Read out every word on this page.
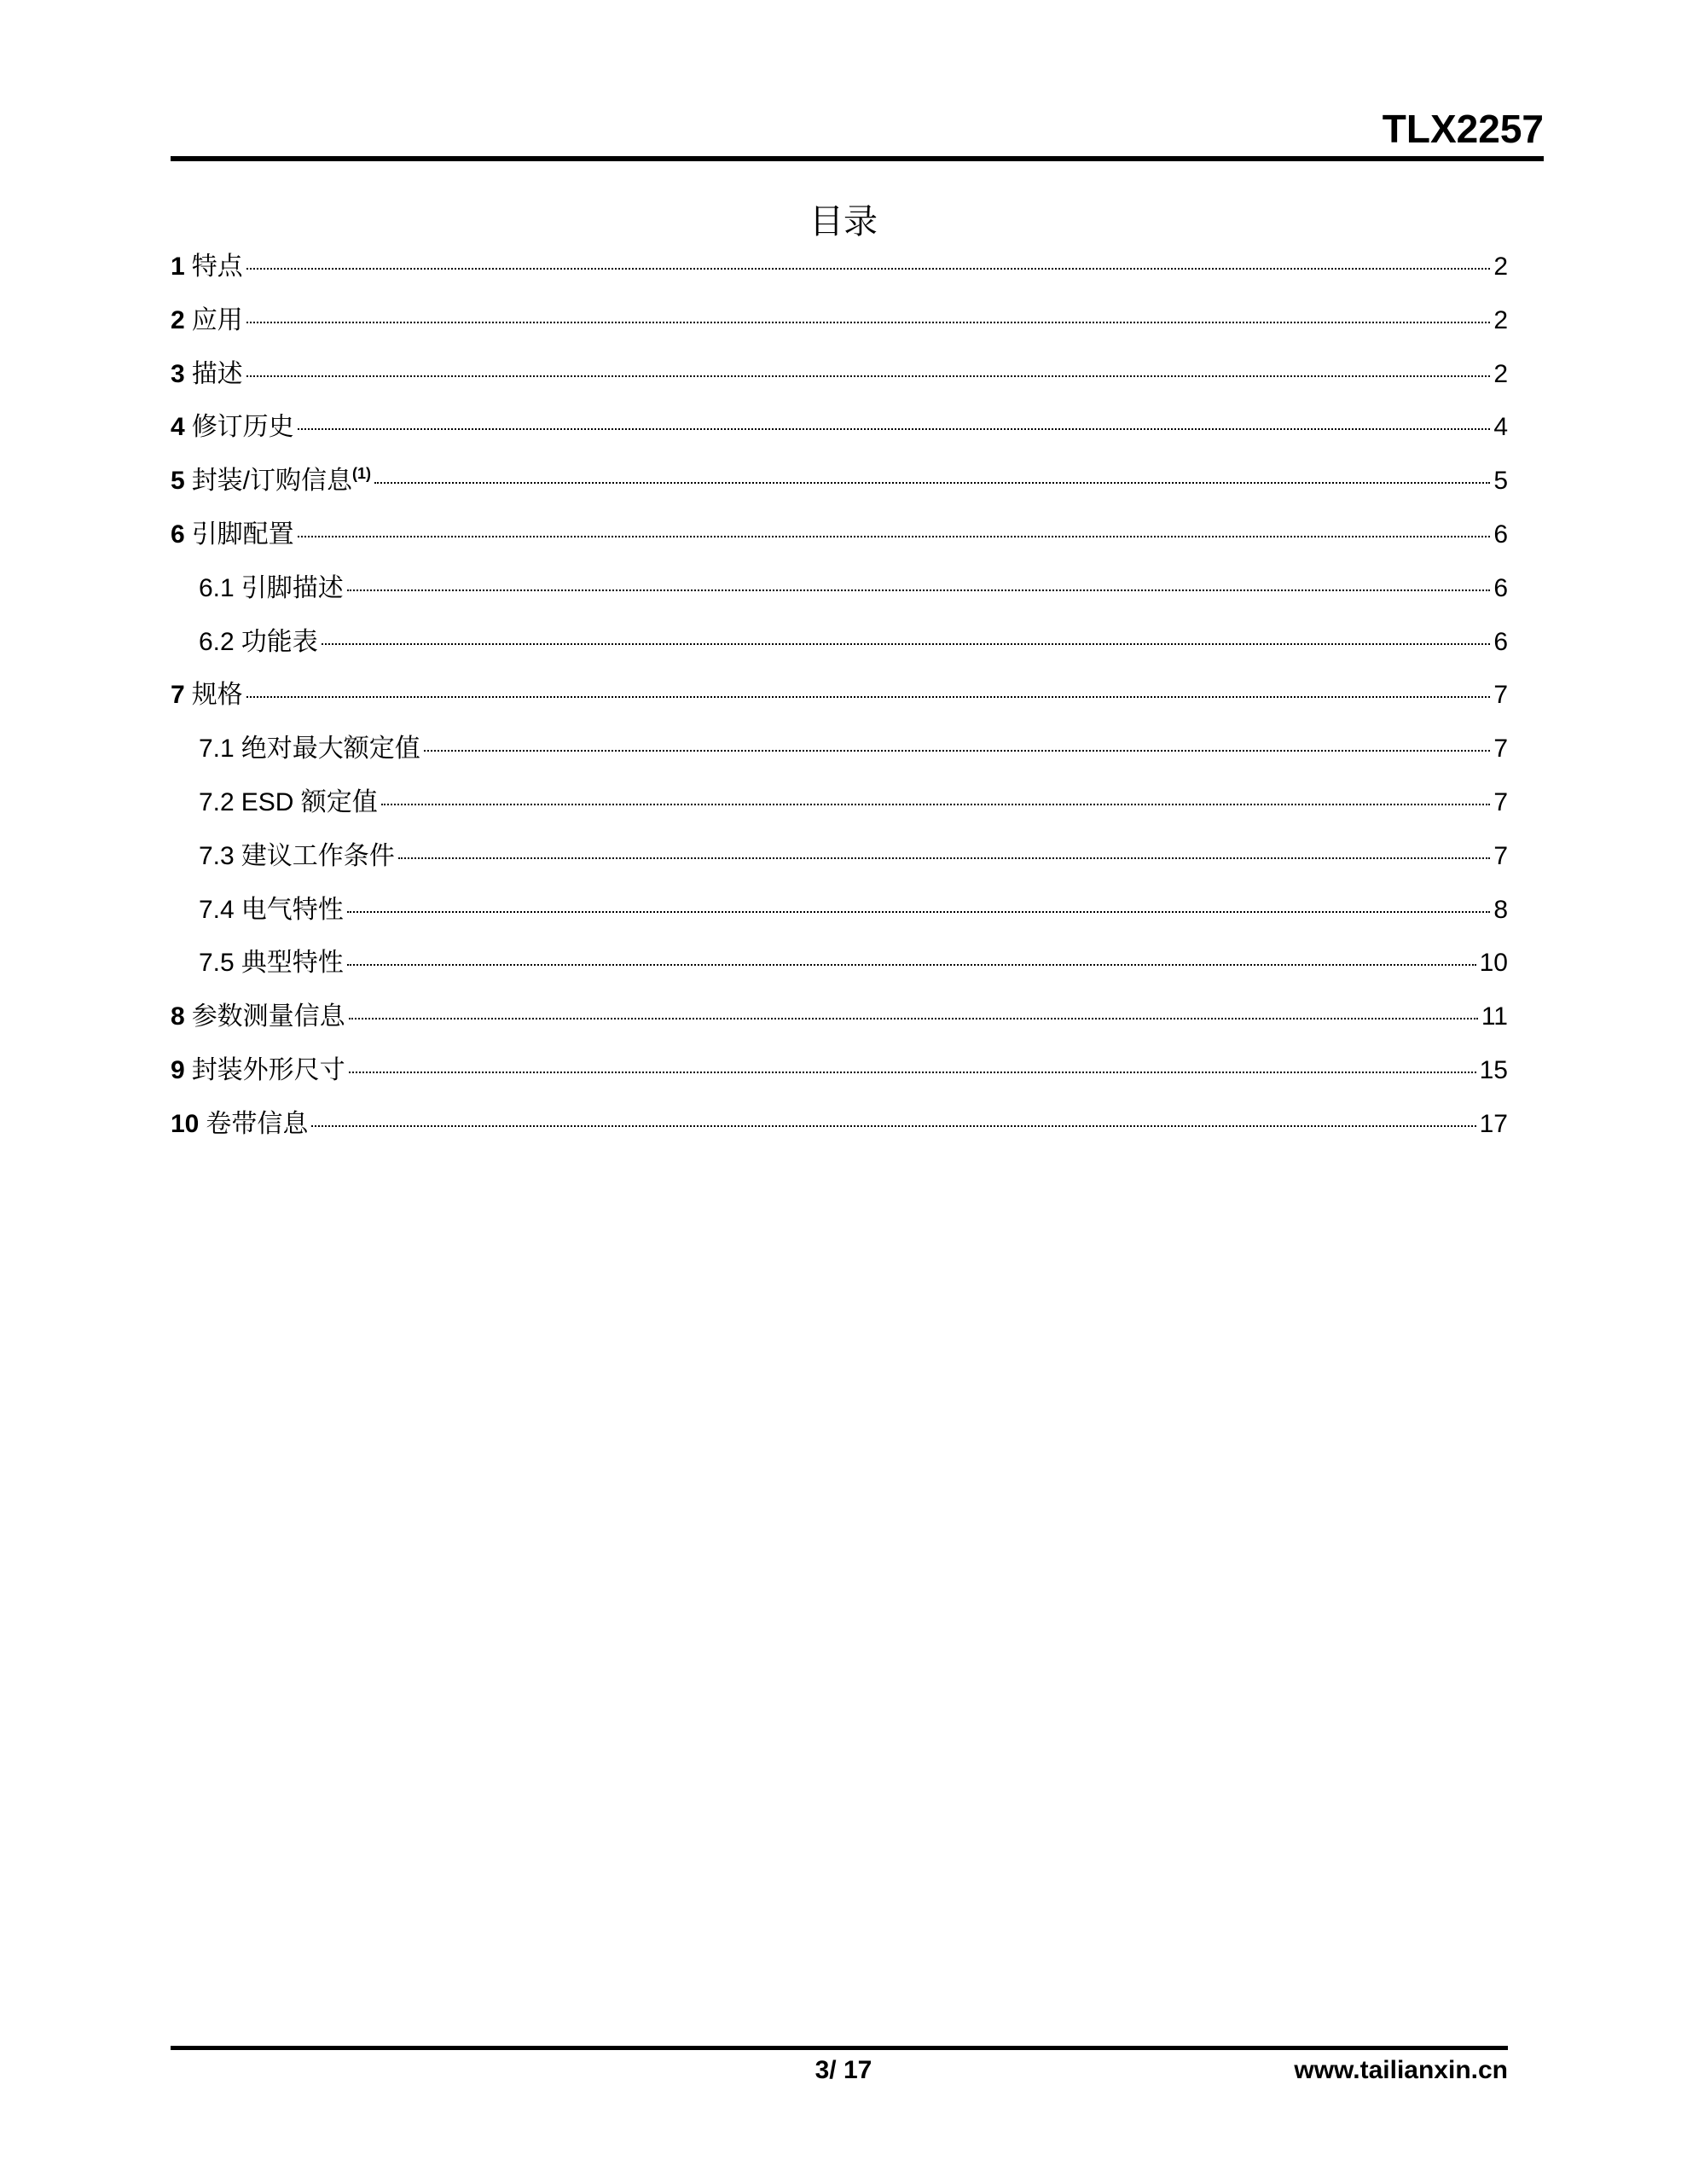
TLX2257
目录
1 特点	2
2 应用	2
3 描述	2
4 修订历史	4
5 封装/订购信息$^{(1)}$	5
6 引脚配置	6
6.1 引脚描述	6
6.2 功能表	6
7 规格	7
7.1 绝对最大额定值	7
7.2 ESD 额定值	7
7.3 建议工作条件	7
7.4 电气特性	8
7.5 典型特性	10
8 参数测量信息	11
9 封装外形尺寸	15
10 卷带信息	17
3/ 17	www.tailianxin.cn
